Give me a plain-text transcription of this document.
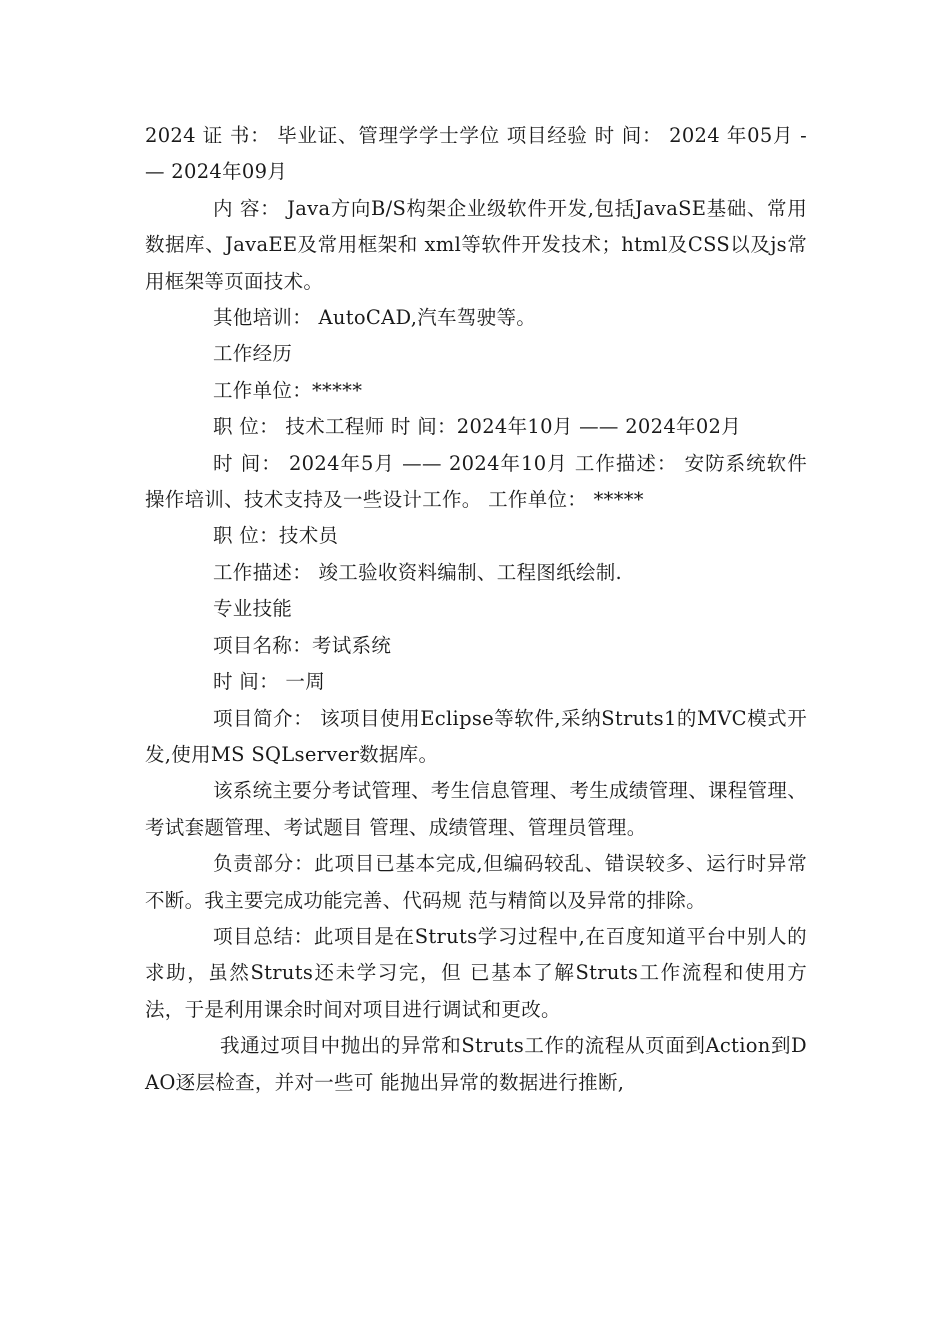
2024 证 书： 毕业证、管理学学士学位 项目经验 时 间： 2024 年05月 -— 2024年09月

内 容： Java方向B/S构架企业级软件开发,包括JavaSE基础、常用数据库、JavaEE及常用框架和 xml等软件开发技术；html及CSS以及js常用框架等页面技术。

其他培训： AutoCAD,汽车驾驶等。

工作经历

工作单位：*****

职 位： 技术工程师 时 间：2024年10月 —— 2024年02月

时 间： 2024年5月 —— 2024年10月 工作描述： 安防系统软件操作培训、技术支持及一些设计工作。 工作单位： *****

职 位：技术员

工作描述： 竣工验收资料编制、工程图纸绘制.

专业技能

项目名称：考试系统

时 间： 一周

项目简介： 该项目使用Eclipse等软件,采纳Struts1的MVC模式开发,使用MS SQLserver数据库。

该系统主要分考试管理、考生信息管理、考生成绩管理、课程管理、考试套题管理、考试题目 管理、成绩管理、管理员管理。

负责部分：此项目已基本完成,但编码较乱、错误较多、运行时异常不断。我主要完成功能完善、代码规 范与精简以及异常的排除。

项目总结：此项目是在Struts学习过程中,在百度知道平台中别人的求助，虽然Struts还未学习完，但 已基本了解Struts工作流程和使用方法，于是利用课余时间对项目进行调试和更改。

我通过项目中抛出的异常和Struts工作的流程从页面到Action到DAO逐层检查，并对一些可 能抛出异常的数据进行推断,
